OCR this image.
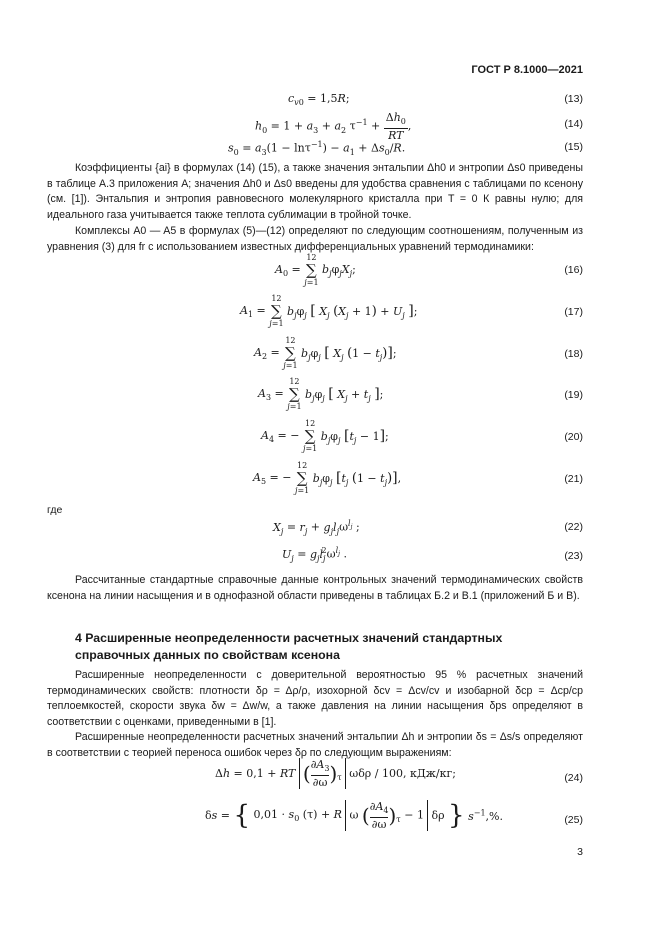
ГОСТ Р 8.1000—2021
$c_{v0} = 1,5R$;	(13)
$h_0 = 1 + a_3 + a_2$ $\tau^{-1} + \frac{\Delta h_0}{RT}$ ,	(14)
$s_0 = a_3(1 - \ln\tau^{-1}) - a_1 + \Delta s_0/R$.	(15)
Коэффициенты {ai} в формулах (14) (15), а также значения энтальпии Δh0 и энтропии Δs0 приведены в таблице А.3 приложения А; значения Δh0 и Δs0 введены для удобства сравнения с таблицами по ксенону (см. [1]). Энтальпия и энтропия равновесного молекулярного кристалла при T = 0 К равны нулю; для идеального газа учитывается также теплота сублимации в тройной точке.
Комплексы A0 — A5 в формулах (5)—(12) определяют по следующим соотношениям, полученным из уравнения (3) для fr с использованием известных дифференциальных уравнений термодинамики:
$A_0$ =
12
∑
j=1
$b_j\varphi_jX_j$;	(16)
$A_1$ =
12
∑
j=1
$b_j\varphi_j$ [ $X_j$ $(X_j + 1) + U_j$ ];	(17)
$A_2$ =
12
∑
j=1
$b_j\varphi_j$ [ $X_j$ $(1 - t_j)$];	(18)
$A_3$ =
12
∑
j=1
$b_j\varphi_j$ [ $X_j + t_j$ ];	(19)
$A_4$ = −
12
∑
j=1
$b_j\varphi_j$ $[t_j - 1]$;	(20)
$A_5$ = −
12
∑
j=1
$b_j\varphi_j$ [$t_j$ $(1 - t_j)$],	(21)
где
$X_j = r_j + g_jl_j\omega^{l_j}$ ;	(22)
$U_j = g_jl_j^2\omega^{l_j}$ .	(23)
Рассчитанные стандартные справочные данные контрольных значений термодинамических свойств ксенона на линии насыщения и в однофазной области приведены в таблицах Б.2 и В.1 (приложений Б и В).
4 Расширенные неопределенности расчетных значений стандартных справочных данных по свойствам ксенона
Расширенные неопределенности с доверительной вероятностью 95 % расчетных значений термодинамических свойств: плотности δρ = Δρ/ρ, изохорной δcv = Δcv/cv и изобарной δcp = Δcp/cp теплоемкостей, скорости звука δw = Δw/w, а также давления на линии насыщения δps определяют в соответствии с оценками, приведенными в [1].
Расширенные неопределенности расчетных значений энтальпии Δh и энтропии δs = Δs/s определяют в соответствии с теорией переноса ошибок через δρ по следующим выражениям:
Δh = 0,1 + RT ( $\frac{\partial A_3}{\partial\omega} )_\tau$ ωδρ / 100, кДж/кг;	(24)
δs = { $0,01 \cdot s_0$ (τ) + R ω ( $\frac{\partial A_4}{\partial\omega} )_\tau - 1$ δρ } $s^{-1},\%$.	(25)
3
